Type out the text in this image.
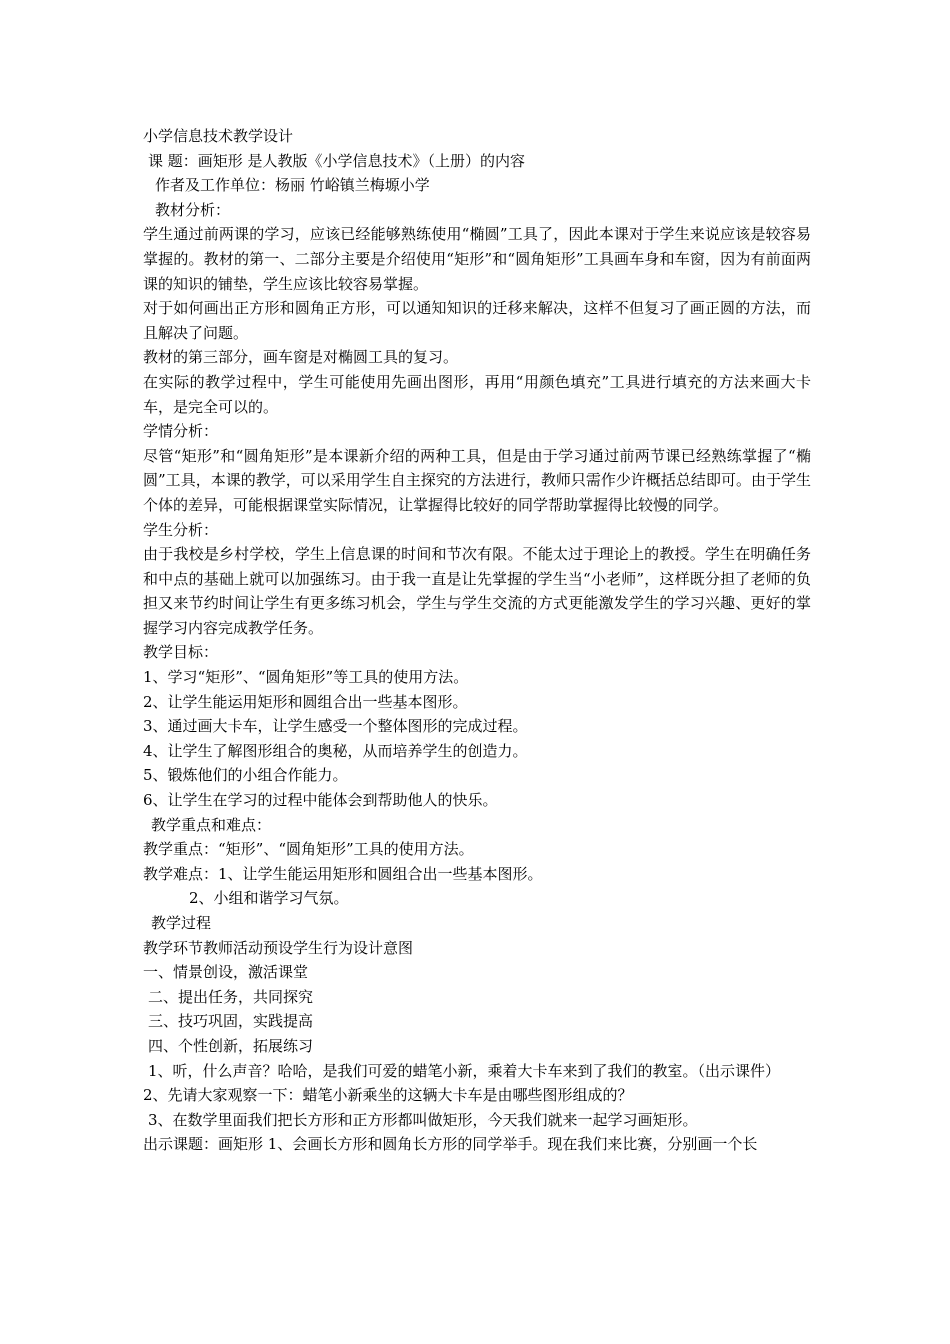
小学信息技术教学设计

课 题：画矩形 是人教版《小学信息技术》（上册）的内容

作者及工作单位：杨丽 竹峪镇兰梅塬小学

教材分析：

学生通过前两课的学习，应该已经能够熟练使用“椭圆”工具了，因此本课对于学生来说应该是较容易掌握的。教材的第一、二部分主要是介绍使用“矩形”和“圆角矩形”工具画车身和车窗，因为有前面两课的知识的铺垫，学生应该比较容易掌握。

对于如何画出正方形和圆角正方形，可以通知知识的迁移来解决，这样不但复习了画正圆的方法，而且解决了问题。

教材的第三部分，画车窗是对椭圆工具的复习。

在实际的教学过程中，学生可能使用先画出图形，再用“用颜色填充”工具进行填充的方法来画大卡车，是完全可以的。

学情分析：

尽管“矩形”和“圆角矩形”是本课新介绍的两种工具，但是由于学习通过前两节课已经熟练掌握了“椭圆”工具，本课的教学，可以采用学生自主探究的方法进行，教师只需作少许概括总结即可。由于学生个体的差异，可能根据课堂实际情况，让掌握得比较好的同学帮助掌握得比较慢的同学。

学生分析：

由于我校是乡村学校，学生上信息课的时间和节次有限。不能太过于理论上的教授。学生在明确任务和中点的基础上就可以加强练习。由于我一直是让先掌握的学生当“小老师”，这样既分担了老师的负担又来节约时间让学生有更多练习机会，学生与学生交流的方式更能激发学生的学习兴趣、更好的掌握学习内容完成教学任务。

教学目标：

1、学习“矩形”、“圆角矩形”等工具的使用方法。

2、让学生能运用矩形和圆组合出一些基本图形。

3、通过画大卡车，让学生感受一个整体图形的完成过程。

4、让学生了解图形组合的奥秘，从而培养学生的创造力。

5、锻炼他们的小组合作能力。

6、让学生在学习的过程中能体会到帮助他人的快乐。

教学重点和难点：

教学重点：“矩形”、“圆角矩形”工具的使用方法。

教学难点：1、让学生能运用矩形和圆组合出一些基本图形。

2、小组和谐学习气氛。

教学过程

教学环节教师活动预设学生行为设计意图

一、情景创设，激活课堂

二、提出任务，共同探究

三、技巧巩固，实践提高

四、个性创新，拓展练习

1、听，什么声音？哈哈，是我们可爱的蜡笔小新，乘着大卡车来到了我们的教室。（出示课件）

2、先请大家观察一下：蜡笔小新乘坐的这辆大卡车是由哪些图形组成的？

3、在数学里面我们把长方形和正方形都叫做矩形，今天我们就来一起学习画矩形。

出示课题：画矩形 1、会画长方形和圆角长方形的同学举手。现在我们来比赛，分别画一个长
